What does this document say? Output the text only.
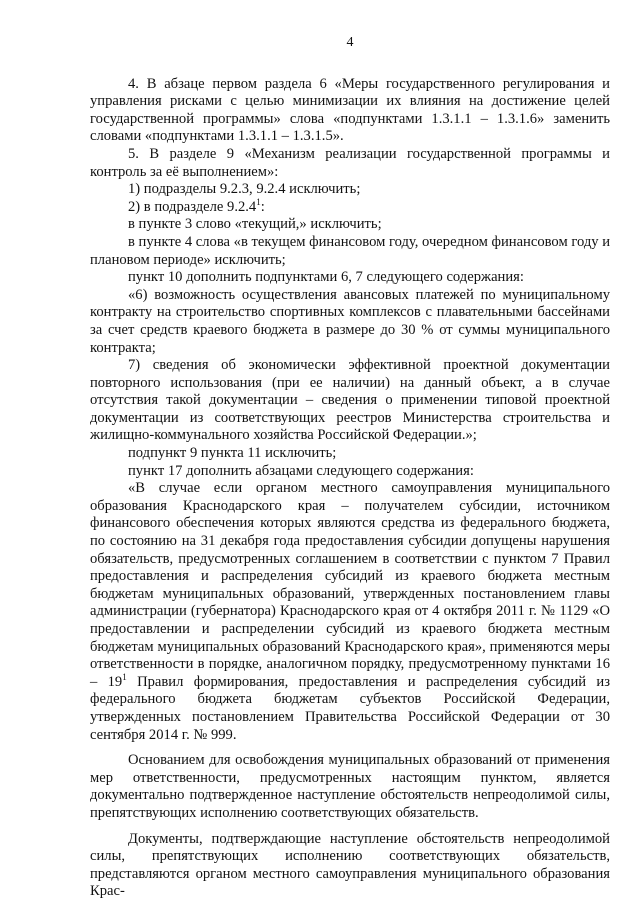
4

4. В абзаце первом раздела 6 «Меры государственного регулирования и управления рисками с целью минимизации их влияния на достижение целей государственной программы» слова «подпунктами 1.3.1.1 – 1.3.1.6» заменить словами «подпунктами 1.3.1.1 – 1.3.1.5».

5. В разделе 9 «Механизм реализации государственной программы и контроль за её выполнением»:

1) подразделы 9.2.3, 9.2.4 исключить;

2) в подразделе 9.2.4$^1$:

в пункте 3 слово «текущий,» исключить;

в пункте 4 слова «в текущем финансовом году, очередном финансовом году и плановом периоде» исключить;

пункт 10 дополнить подпунктами 6, 7 следующего содержания:

«6) возможность осуществления авансовых платежей по муниципальному контракту на строительство спортивных комплексов с плавательными бассейнами за счет средств краевого бюджета в размере до 30 % от суммы муниципального контракта;

7) сведения об экономически эффективной проектной документации повторного использования (при ее наличии) на данный объект, а в случае отсутствия такой документации – сведения о применении типовой проектной документации из соответствующих реестров Министерства строительства и жилищно-коммунального хозяйства Российской Федерации.»;

подпункт 9 пункта 11 исключить;

пункт 17 дополнить абзацами следующего содержания:

«В случае если органом местного самоуправления муниципального образования Краснодарского края – получателем субсидии, источником финансового обеспечения которых являются средства из федерального бюджета, по состоянию на 31 декабря года предоставления субсидии допущены нарушения обязательств, предусмотренных соглашением в соответствии с пунктом 7 Правил предоставления и распределения субсидий из краевого бюджета местным бюджетам муниципальных образований, утвержденных постановлением главы администрации (губернатора) Краснодарского края от 4 октября 2011 г. № 1129 «О предоставлении и распределении субсидий из краевого бюджета местным бюджетам муниципальных образований Краснодарского края», применяются меры ответственности в порядке, аналогичном порядку, предусмотренному пунктами $16 - 19^1$ Правил формирования, предоставления и распределения субсидий из федерального бюджета бюджетам субъектов Российской Федерации, утвержденных постановлением Правительства Российской Федерации от 30 сентября 2014 г. № 999.

Основанием для освобождения муниципальных образований от применения мер ответственности, предусмотренных настоящим пунктом, является документально подтвержденное наступление обстоятельств непреодолимой силы, препятствующих исполнению соответствующих обязательств.

Документы, подтверждающие наступление обстоятельств непреодолимой силы, препятствующих исполнению соответствующих обязательств, представляются органом местного самоуправления муниципального образования Крас-
